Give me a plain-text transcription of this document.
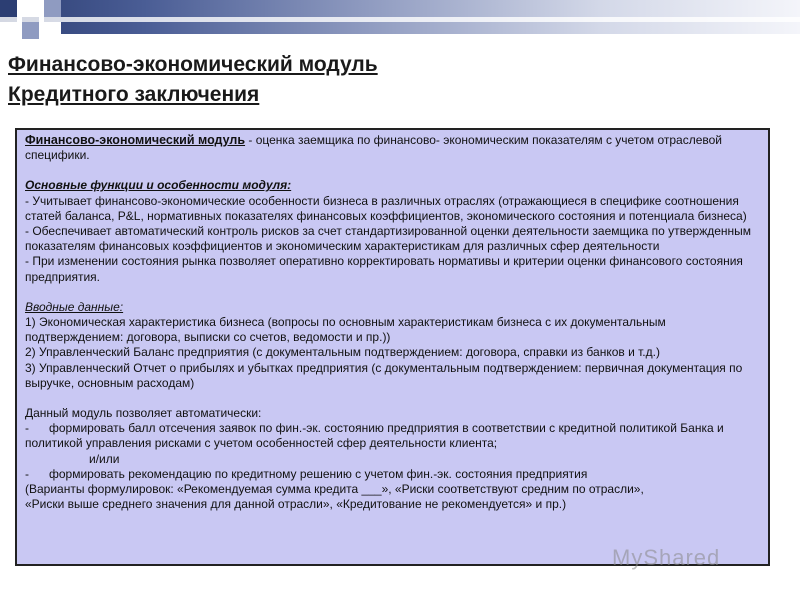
Финансово-экономический модуль
Кредитного заключения

Финансово-экономический модуль - оценка заемщика по финансово- экономическим показателям с учетом отраслевой специфики.

Основные функции и особенности модуля:

- Учитывает финансово-экономические особенности бизнеса в различных отраслях (отражающиеся в специфике соотношения статей баланса, P&L, нормативных показателях финансовых коэффициентов, экономического состояния и потенциала бизнеса)

- Обеспечивает автоматический контроль рисков за счет стандартизированной оценки деятельности заемщика по утвержденным показателям финансовых коэффициентов и экономическим характеристикам для различных сфер деятельности

- При изменении состояния рынка позволяет оперативно корректировать нормативы и критерии оценки финансового состояния предприятия.

Вводные данные:

1) Экономическая характеристика бизнеса (вопросы по основным характеристикам бизнеса с их документальным подтверждением: договора, выписки со счетов, ведомости и пр.))

2) Управленческий Баланс предприятия (с документальным подтверждением: договора, справки из банков и т.д.)

3) Управленческий Отчет о прибылях и убытках предприятия (с документальным подтверждением: первичная документация по выручке, основным расходам)

Данный модуль позволяет автоматически:

- формировать балл отсечения заявок по фин.-эк. состоянию предприятия в соответствии с кредитной политикой Банка и политикой управления рисками с учетом особенностей сфер деятельности клиента;

и/или

- формировать рекомендацию по кредитному решению с учетом фин.-эк. состояния предприятия

(Варианты формулировок: «Рекомендуемая сумма кредита ___», «Риски соответствуют средним по отрасли»,

«Риски выше среднего значения для данной отрасли», «Кредитование не рекомендуется» и пр.)

MyShared
